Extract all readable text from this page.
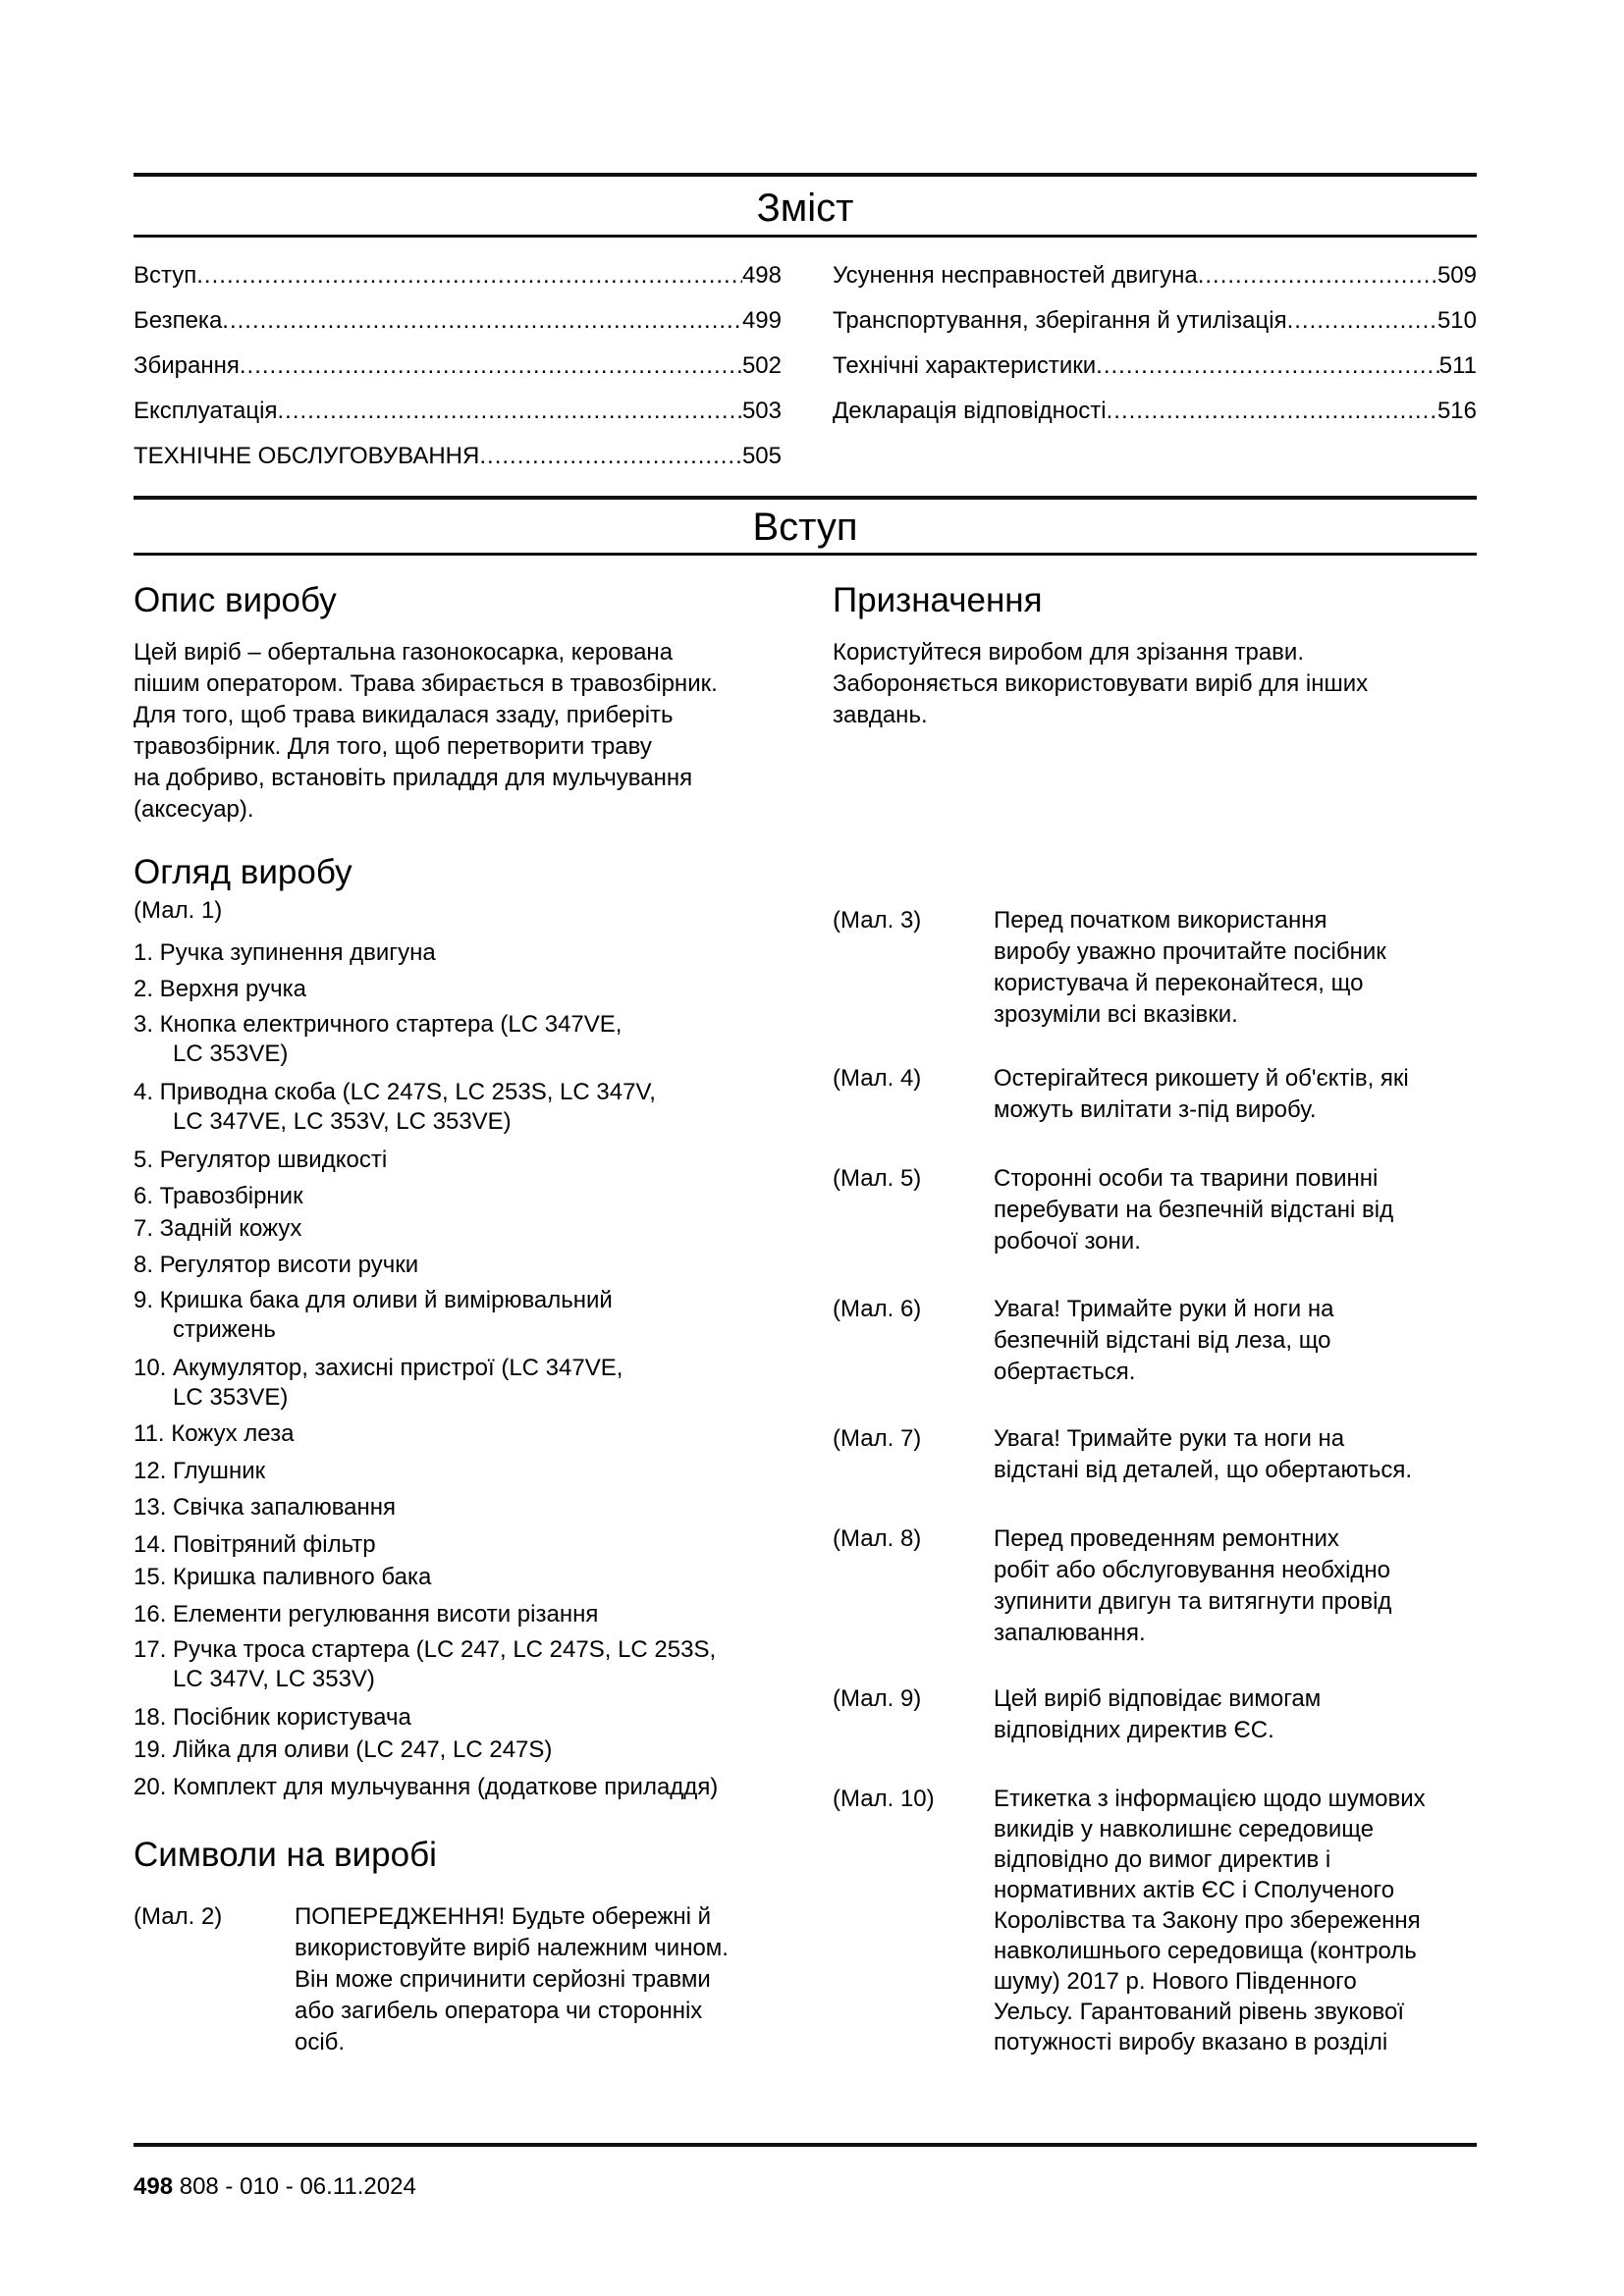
Зміст
Вступ .....	498
Безпека .....	499
Збирання .....	502
Експлуатація .....	503
ТЕХНІЧНЕ ОБСЛУГОВУВАННЯ .....	505
Усунення несправностей двигуна .....	509
Транспортування, зберігання й утилізація .....	510
Технічні характеристики .....	511
Декларація відповідності .....	516
Вступ
Опис виробу
Цей виріб – обертальна газонокосарка, керована
пішим оператором. Трава збирається в травозбірник.
Для того, щоб трава викидалася ззаду, приберіть
травозбірник. Для того, щоб перетворити траву
на добриво, встановіть приладдя для мульчування
(аксесуар).
Призначення
Користуйтеся виробом для зрізання трави.
Забороняється використовувати виріб для інших
завдань.
Огляд виробу
(Мал. 1)
1. Ручка зупинення двигуна
2. Верхня ручка
3. Кнопка електричного стартера (LC 347VE,
LC 353VE)
4. Приводна скоба (LC 247S, LC 253S, LC 347V,
LC 347VE, LC 353V, LC 353VE)
5. Регулятор швидкості
6. Травозбірник
7. Задній кожух
8. Регулятор висоти ручки
9. Кришка бака для оливи й вимірювальний
стрижень
10. Акумулятор, захисні пристрої (LC 347VE,
LC 353VE)
11. Кожух леза
12. Глушник
13. Свічка запалювання
14. Повітряний фільтр
15. Кришка паливного бака
16. Елементи регулювання висоти різання
17. Ручка троса стартера (LC 247, LC 247S, LC 253S,
LC 347V, LC 353V)
18. Посібник користувача
19. Лійка для оливи (LC 247, LC 247S)
20. Комплект для мульчування (додаткове приладдя)
Символи на виробі
(Мал. 2)	ПОПЕРЕДЖЕННЯ! Будьте обережні й
використовуйте виріб належним чином.
Він може спричинити серйозні травми
або загибель оператора чи сторонніх
осіб.
(Мал. 3)	Перед початком використання
виробу уважно прочитайте посібник
користувача й переконайтеся, що
зрозуміли всі вказівки.
(Мал. 4)	Остерігайтеся рикошету й об'єктів, які
можуть вилітати з-під виробу.
(Мал. 5)	Сторонні особи та тварини повинні
перебувати на безпечній відстані від
робочої зони.
(Мал. 6)	Увага! Тримайте руки й ноги на
безпечній відстані від леза, що
обертається.
(Мал. 7)	Увага! Тримайте руки та ноги на
відстані від деталей, що обертаються.
(Мал. 8)	Перед проведенням ремонтних
робіт або обслуговування необхідно
зупинити двигун та витягнути провід
запалювання.
(Мал. 9)	Цей виріб відповідає вимогам
відповідних директив ЄС.
(Мал. 10)	Етикетка з інформацією щодо шумових
викидів у навколишнє середовище
відповідно до вимог директив і
нормативних актів ЄС і Сполученого
Королівства та Закону про збереження
навколишнього середовища (контроль
шуму) 2017 р. Нового Південного
Уельсу. Гарантований рівень звукової
потужності виробу вказано в розділі
498 808 - 010 - 06.11.2024
